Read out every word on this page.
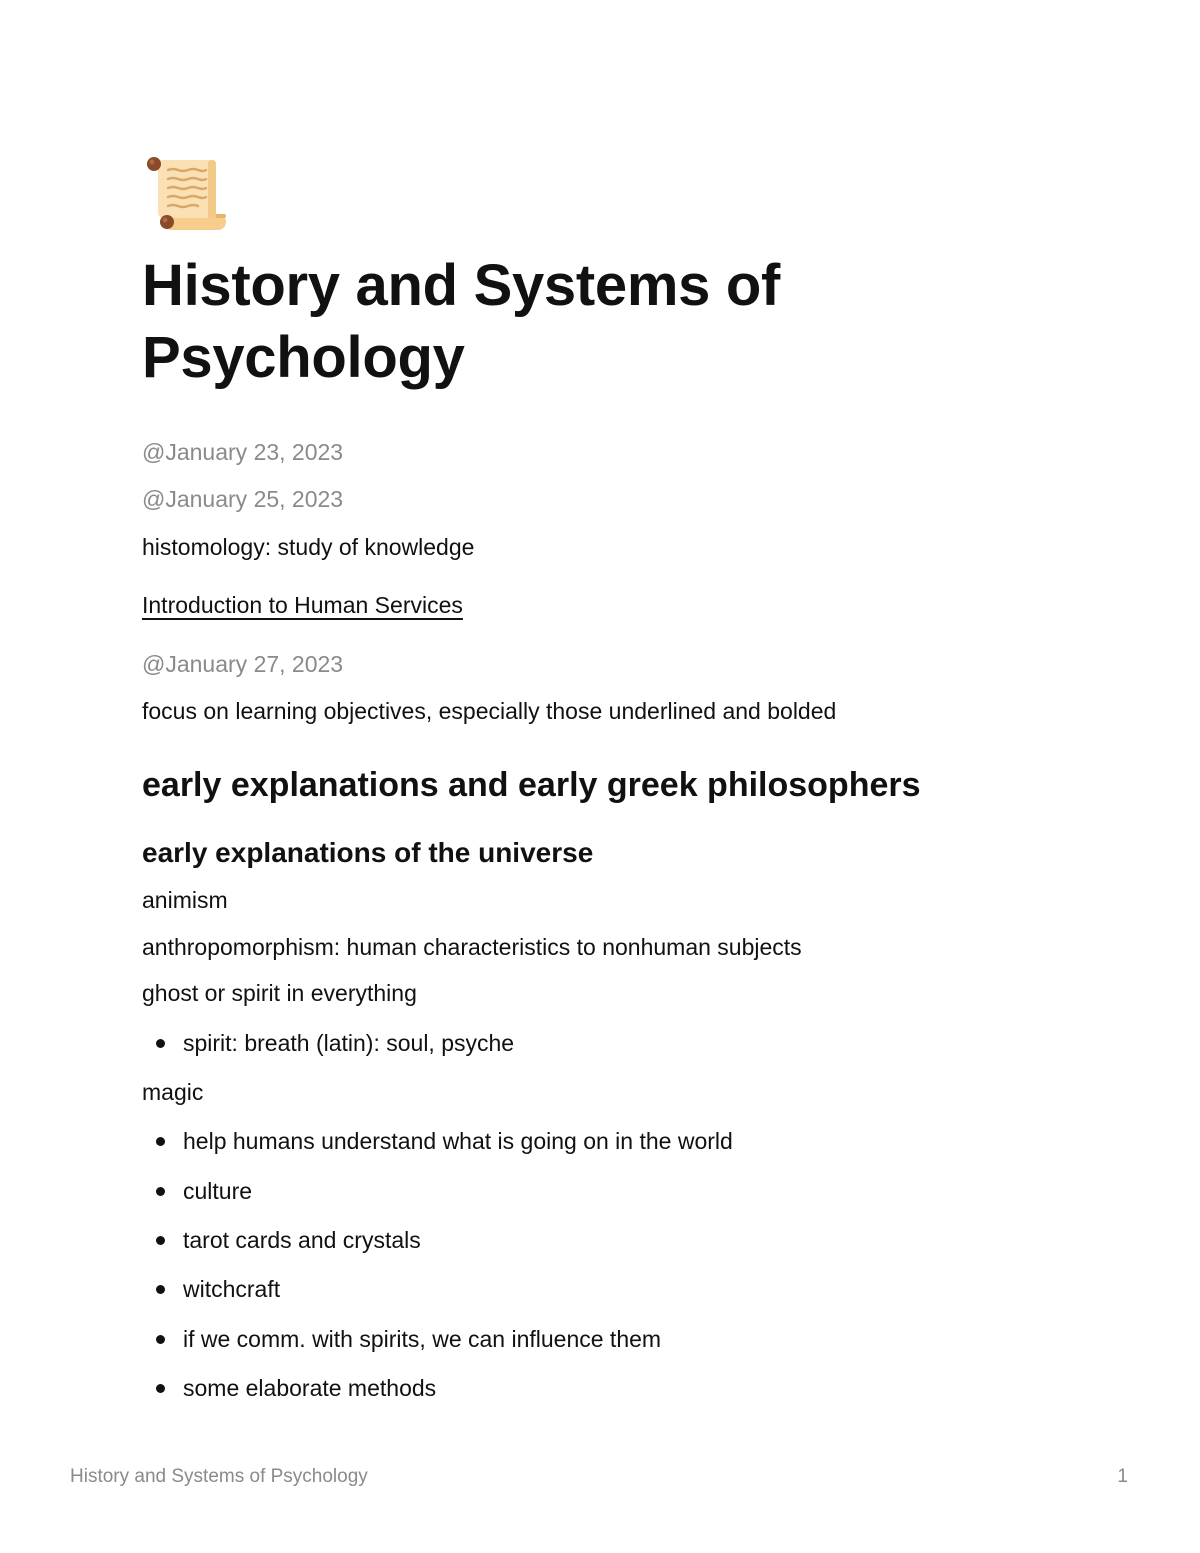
History and Systems of Psychology

@January 23, 2023

@January 25, 2023

histomology: study of knowledge

Introduction to Human Services

@January 27, 2023

focus on learning objectives, especially those underlined and bolded

early explanations and early greek philosophers
early explanations of the universe

animism

anthropomorphism: human characteristics to nonhuman subjects

ghost or spirit in everything

spirit: breath (latin): soul, psyche

magic

help humans understand what is going on in the world

culture

tarot cards and crystals

witchcraft

if we comm. with spirits, we can influence them

some elaborate methods

History and Systems of Psychology	1
